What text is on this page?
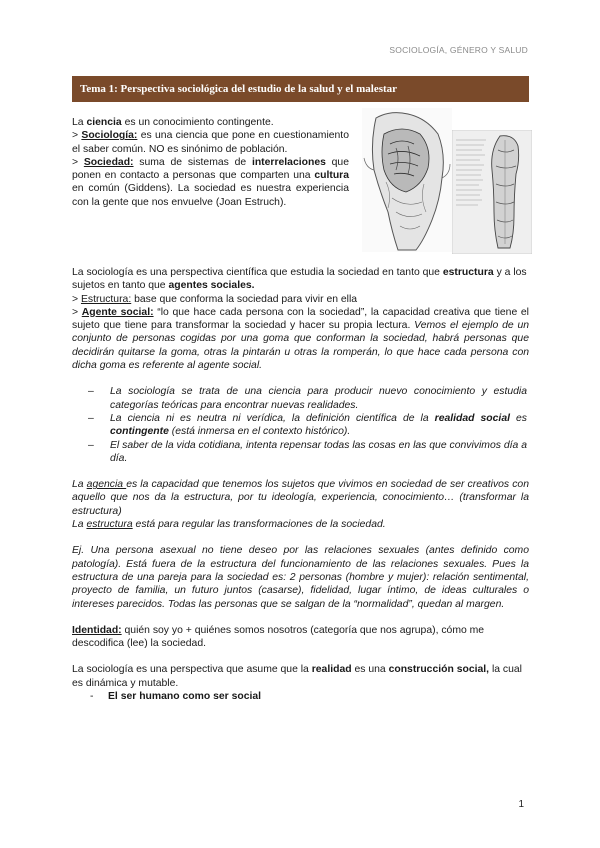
SOCIOLOGÍA, GÉNERO Y SALUD
Tema 1: Perspectiva sociológica del estudio de la salud y el malestar

La ciencia es un conocimiento contingente.

> Sociología: es una ciencia que pone en cuestionamiento el saber común. NO es sinónimo de población.

> Sociedad: suma de sistemas de interrelaciones que ponen en contacto a personas que comparten una cultura en común (Giddens). La sociedad es nuestra experiencia con la gente que nos envuelve (Joan Estruch).

La sociología es una perspectiva científica que estudia la sociedad en tanto que estructura y a los sujetos en tanto que agentes sociales.

> Estructura: base que conforma la sociedad para vivir en ella

> Agente social: “lo que hace cada persona con la sociedad”, la capacidad creativa que tiene el sujeto que tiene para transformar la sociedad y hacer su propia lectura. Vemos el ejemplo de un conjunto de personas cogidas por una goma que conforman la sociedad, habrá personas que decidirán quitarse la goma, otras la pintarán u otras la romperán, lo que hace cada persona con dicha goma es referente al agente social.

– La sociología se trata de una ciencia para producir nuevo conocimiento y estudia categorías teóricas para encontrar nuevas realidades.
– La ciencia ni es neutra ni verídica, la definición científica de la realidad social es contingente (está inmersa en el contexto histórico).
– El saber de la vida cotidiana, intenta repensar todas las cosas en las que convivimos día a día.

La agencia es la capacidad que tenemos los sujetos que vivimos en sociedad de ser creativos con aquello que nos da la estructura, por tu ideología, experiencia, conocimiento… (transformar la estructura)

La estructura está para regular las transformaciones de la sociedad.

Ej. Una persona asexual no tiene deseo por las relaciones sexuales (antes definido como patología). Está fuera de la estructura del funcionamiento de las relaciones sexuales. Pues la estructura de una pareja para la sociedad es: 2 personas (hombre y mujer): relación sentimental, proyecto de familia, un futuro juntos (casarse), fidelidad, lugar íntimo, de ideas culturales o intereses parecidos. Todas las personas que se salgan de la “normalidad”, quedan al margen.

Identidad: quién soy yo + quiénes somos nosotros (categoría que nos agrupa), cómo me descodifica (lee) la sociedad.

La sociología es una perspectiva que asume que la realidad es una construcción social, la cual es dinámica y mutable.

- El ser humano como ser social
1
